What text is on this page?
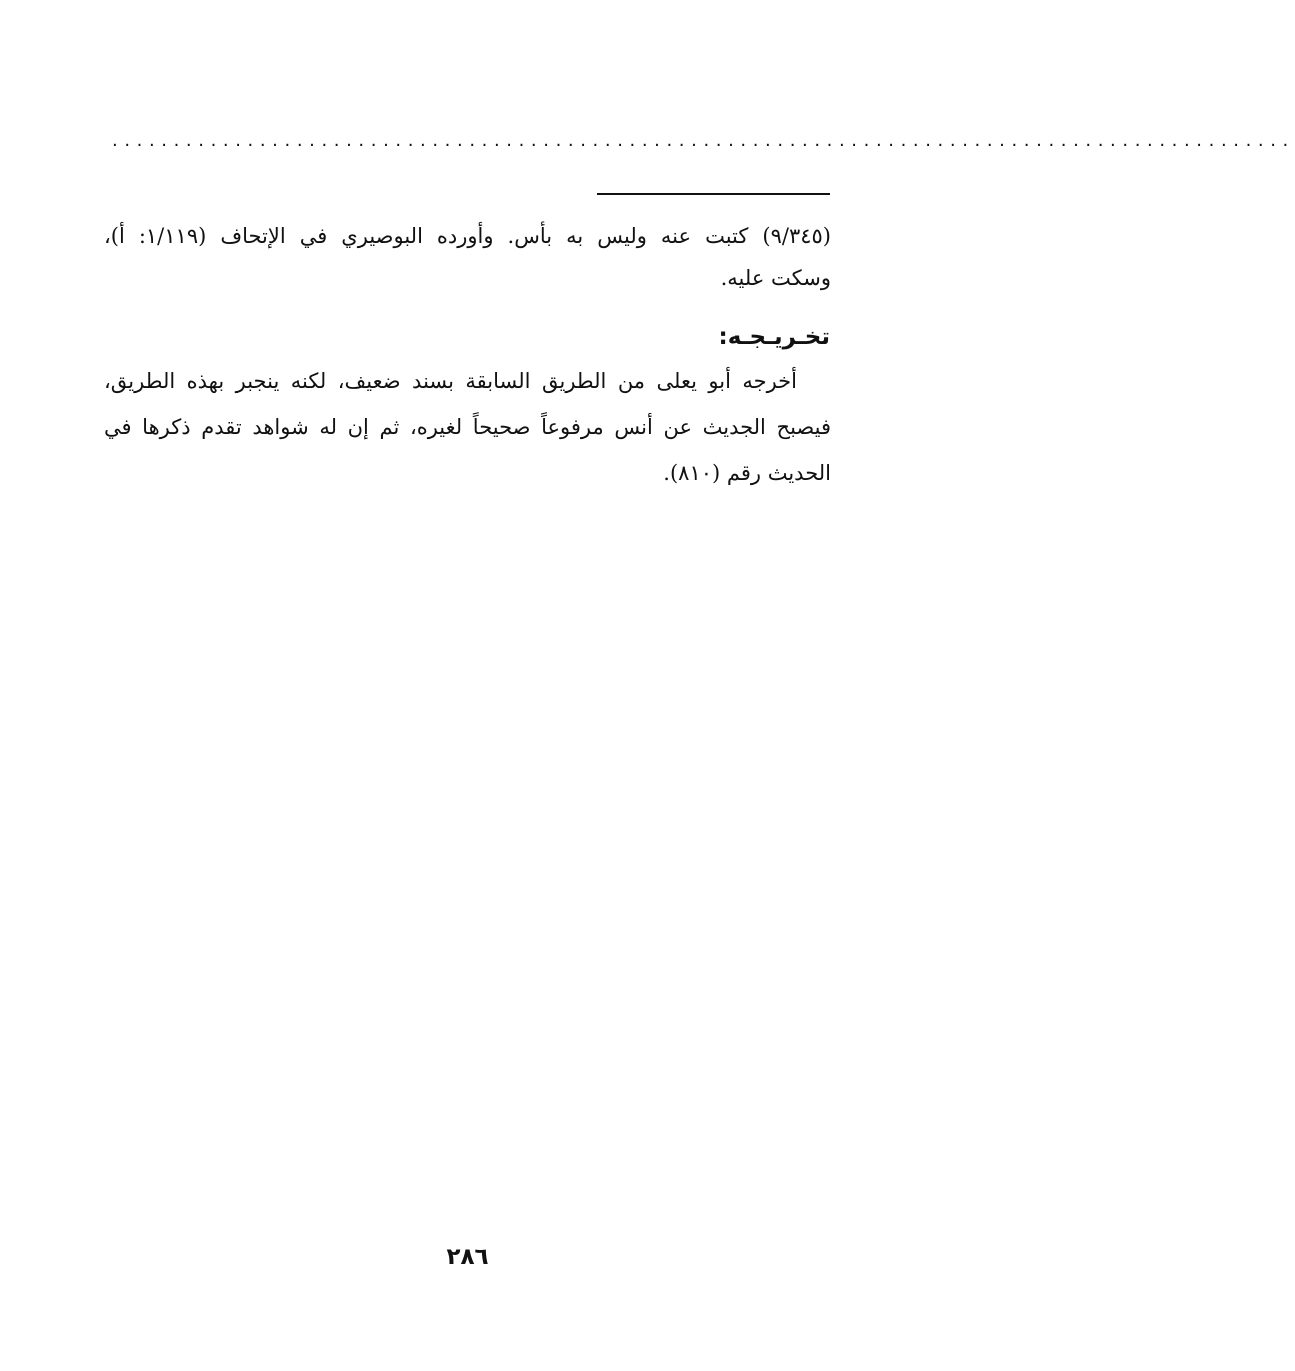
................................................................................................
(٩/٣٤٥) كتبت عنه وليس به بأس. وأورده البوصيري في الإتحاف (١/١١٩: أ)،
وسكت عليه.
تخـريـجـه:
أخرجه أبو يعلى من الطريق السابقة بسند ضعيف، لكنه ينجبر بهذه الطريق،
فيصبح الجديث عن أنس مرفوعاً صحيحاً لغيره، ثم إن له شواهد تقدم ذكرها في
الحديث رقم (٨١٠).
٢٨٦
